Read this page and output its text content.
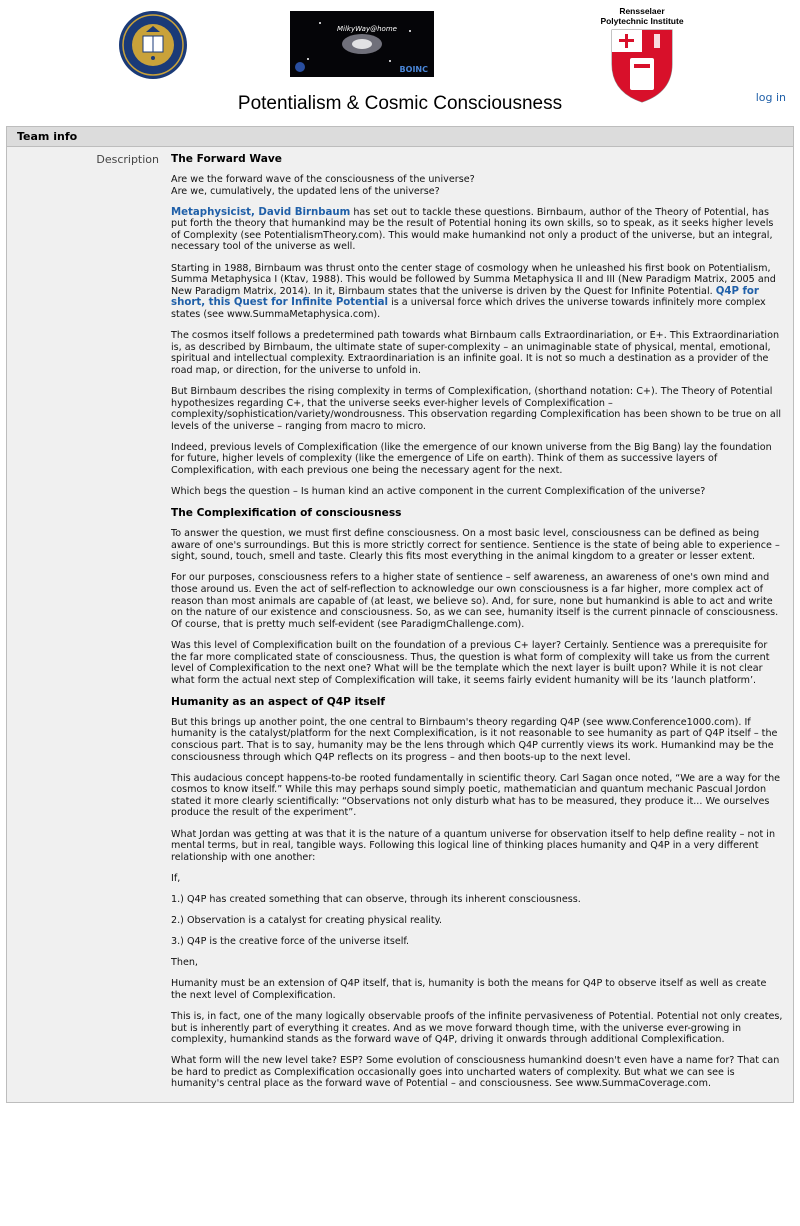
MilkyWay@home
BOINC
Rensselaer Polytechnic Institute
Potentialism & Cosmic Consciousness	log in
Team info
Description	The Forward Wave

Are we the forward wave of the consciousness of the universe?
Are we, cumulatively, the updated lens of the universe?

Metaphysicist, David Birnbaum has set out to tackle these questions. Birnbaum, author of the Theory of Potential, has put forth the theory that humankind may be the result of Potential honing its own skills, so to speak, as it seeks higher levels of Complexity (see PotentialismTheory.com). This would make humankind not only a product of the universe, but an integral, necessary tool of the universe as well.

Starting in 1988, Birnbaum was thrust onto the center stage of cosmology when he unleashed his first book on Potentialism, Summa Metaphysica I (Ktav, 1988). This would be followed by Summa Metaphysica II and III (New Paradigm Matrix, 2005 and New Paradigm Matrix, 2014). In it, Birnbaum states that the universe is driven by the Quest for Infinite Potential. Q4P for short, this Quest for Infinite Potential is a universal force which drives the universe towards infinitely more complex states (see www.SummaMetaphysica.com).

The cosmos itself follows a predetermined path towards what Birnbaum calls Extraordinariation, or E+. This Extraordinariation is, as described by Birnbaum, the ultimate state of super-complexity – an unimaginable state of physical, mental, emotional, spiritual and intellectual complexity. Extraordinariation is an infinite goal. It is not so much a destination as a provider of the road map, or direction, for the universe to unfold in.

But Birnbaum describes the rising complexity in terms of Complexification, (shorthand notation: C+). The Theory of Potential hypothesizes regarding C+, that the universe seeks ever-higher levels of Complexification – complexity/sophistication/variety/wondrousness. This observation regarding Complexification has been shown to be true on all levels of the universe – ranging from macro to micro.

Indeed, previous levels of Complexification (like the emergence of our known universe from the Big Bang) lay the foundation for future, higher levels of complexity (like the emergence of Life on earth). Think of them as successive layers of Complexification, with each previous one being the necessary agent for the next.

Which begs the question – Is human kind an active component in the current Complexification of the universe?

The Complexification of consciousness

To answer the question, we must first define consciousness. On a most basic level, consciousness can be defined as being aware of one's surroundings. But this is more strictly correct for sentience. Sentience is the state of being able to experience – sight, sound, touch, smell and taste. Clearly this fits most everything in the animal kingdom to a greater or lesser extent.

For our purposes, consciousness refers to a higher state of sentience – self awareness, an awareness of one's own mind and those around us. Even the act of self-reflection to acknowledge our own consciousness is a far higher, more complex act of reason than most animals are capable of (at least, we believe so). And, for sure, none but humankind is able to act and write on the nature of our existence and consciousness. So, as we can see, humanity itself is the current pinnacle of consciousness. Of course, that is pretty much self-evident (see ParadigmChallenge.com).

Was this level of Complexification built on the foundation of a previous C+ layer? Certainly. Sentience was a prerequisite for the far more complicated state of consciousness. Thus, the question is what form of complexity will take us from the current level of Complexification to the next one? What will be the template which the next layer is built upon? While it is not clear what form the actual next step of Complexification will take, it seems fairly evident humanity will be its ‘launch platform’.

Humanity as an aspect of Q4P itself

But this brings up another point, the one central to Birnbaum's theory regarding Q4P (see www.Conference1000.com). If humanity is the catalyst/platform for the next Complexification, is it not reasonable to see humanity as part of Q4P itself – the conscious part. That is to say, humanity may be the lens through which Q4P currently views its work. Humankind may be the consciousness through which Q4P reflects on its progress – and then boots-up to the next level.

This audacious concept happens-to-be rooted fundamentally in scientific theory. Carl Sagan once noted, “We are a way for the cosmos to know itself.” While this may perhaps sound simply poetic, mathematician and quantum mechanic Pascual Jordon stated it more clearly scientifically: “Observations not only disturb what has to be measured, they produce it... We ourselves produce the result of the experiment”.

What Jordan was getting at was that it is the nature of a quantum universe for observation itself to help define reality – not in mental terms, but in real, tangible ways. Following this logical line of thinking places humanity and Q4P in a very different relationship with one another:

If,

1.) Q4P has created something that can observe, through its inherent consciousness.

2.) Observation is a catalyst for creating physical reality.

3.) Q4P is the creative force of the universe itself.

Then,

Humanity must be an extension of Q4P itself, that is, humanity is both the means for Q4P to observe itself as well as create the next level of Complexification.

This is, in fact, one of the many logically observable proofs of the infinite pervasiveness of Potential. Potential not only creates, but is inherently part of everything it creates. And as we move forward though time, with the universe ever-growing in complexity, humankind stands as the forward wave of Q4P, driving it onwards through additional Complexification.

What form will the new level take? ESP? Some evolution of consciousness humankind doesn't even have a name for? That can be hard to predict as Complexification occasionally goes into uncharted waters of complexity. But what we can see is humanity's central place as the forward wave of Potential – and consciousness. See www.SummaCoverage.com.
